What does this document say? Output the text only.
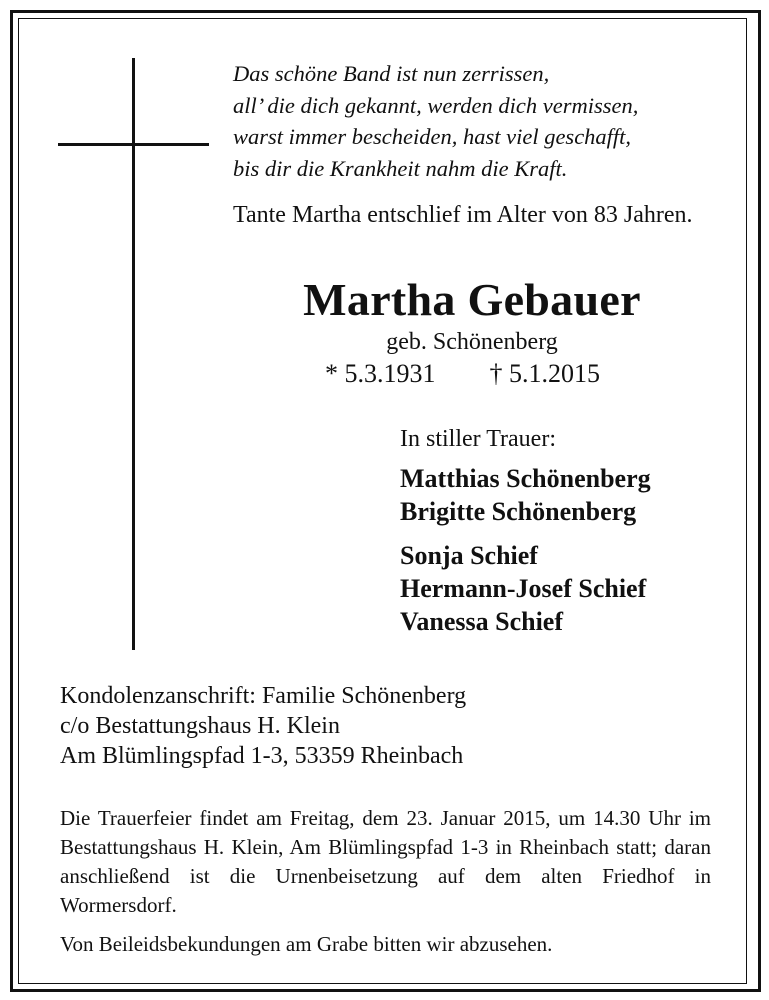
Das schöne Band ist nun zerrissen,
all’ die dich gekannt, werden dich vermissen,
warst immer bescheiden, hast viel geschafft,
bis dir die Krankheit nahm die Kraft.
Tante Martha entschlief im Alter von 83 Jahren.
Martha Gebauer
geb. Schönenberg
* 5.3.1931 † 5.1.2015
In stiller Trauer:
Matthias Schönenberg
Brigitte Schönenberg
Sonja Schief
Hermann-Josef Schief
Vanessa Schief
Kondolenzanschrift: Familie Schönenberg
c/o Bestattungshaus H. Klein
Am Blümlingspfad 1-3, 53359 Rheinbach
Die Trauerfeier findet am Freitag, dem 23. Januar 2015, um 14.30 Uhr im Bestattungshaus H. Klein, Am Blümlingspfad 1-3 in Rheinbach statt; daran anschließend ist die Urnenbeisetzung auf dem alten Friedhof in Wormersdorf.
Von Beileidsbekundungen am Grabe bitten wir abzusehen.
